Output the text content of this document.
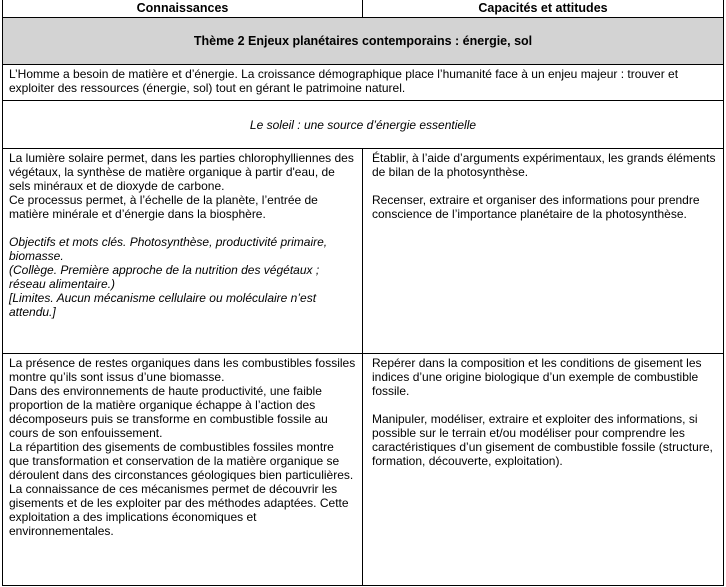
Connaissances	Capacités et attitudes
Thème 2 Enjeux planétaires contemporains : énergie, sol
L’Homme a besoin de matière et d’énergie. La croissance démographique place l’humanité face à un enjeu majeur : trouver et exploiter des ressources (énergie, sol) tout en gérant le patrimoine naturel.
Le soleil : une source d’énergie essentielle

La lumière solaire permet, dans les parties chlorophylliennes des végétaux, la synthèse de matière organique à partir d'eau, de sels minéraux et de dioxyde de carbone.

Ce processus permet, à l’échelle de la planète, l’entrée de matière minérale et d’énergie dans la biosphère.

Objectifs et mots clés. Photosynthèse, productivité primaire, biomasse.

(Collège. Première approche de la nutrition des végétaux ; réseau alimentaire.)

[Limites. Aucun mécanisme cellulaire ou moléculaire n’est attendu.]

Établir, à l’aide d’arguments expérimentaux, les grands éléments de bilan de la photosynthèse.

Recenser, extraire et organiser des informations pour prendre conscience de l’importance planétaire de la photosynthèse.

La présence de restes organiques dans les combustibles fossiles montre qu’ils sont issus d’une biomasse.

Dans des environnements de haute productivité, une faible proportion de la matière organique échappe à l’action des décomposeurs puis se transforme en combustible fossile au cours de son enfouissement.

La répartition des gisements de combustibles fossiles montre que transformation et conservation de la matière organique se déroulent dans des circonstances géologiques bien particulières.

La connaissance de ces mécanismes permet de découvrir les gisements et de les exploiter par des méthodes adaptées. Cette exploitation a des implications économiques et environnementales.

Repérer dans la composition et les conditions de gisement les indices d’une origine biologique d’un exemple de combustible fossile.

Manipuler, modéliser, extraire et exploiter des informations, si possible sur le terrain et/ou modéliser pour comprendre les caractéristiques d’un gisement de combustible fossile (structure, formation, découverte, exploitation).
